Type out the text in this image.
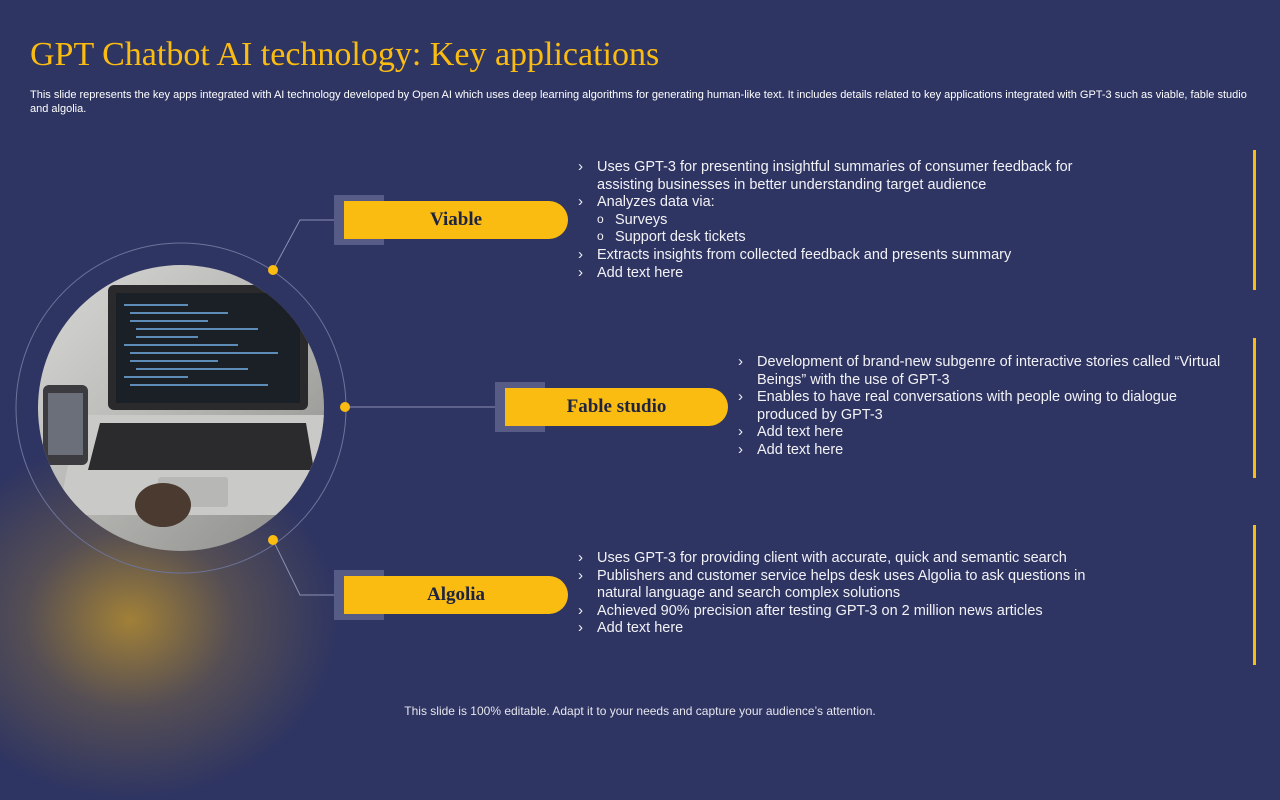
GPT Chatbot AI technology: Key applications

This slide represents the key apps integrated with AI technology developed by Open AI which uses deep learning algorithms for generating human-like text. It includes details related to key applications integrated with GPT-3 such as viable, fable studio and algolia.

Viable
› Uses GPT-3 for presenting insightful summaries of consumer feedback for assisting businesses in better understanding target audience
› Analyzes data via:
o Surveys
o Support desk tickets
› Extracts insights from collected feedback and presents summary
› Add text here
Fable studio
› Development of brand-new subgenre of interactive stories called “Virtual Beings” with the use of GPT-3
› Enables to have real conversations with people owing to dialogue produced by GPT-3
› Add text here
› Add text here
Algolia
› Uses GPT-3 for providing client with accurate, quick and semantic search
› Publishers and customer service helps desk uses Algolia to ask questions in natural language and search complex solutions
› Achieved 90% precision after testing GPT-3 on 2 million news articles
› Add text here
This slide is 100% editable. Adapt it to your needs and capture your audience’s attention.
